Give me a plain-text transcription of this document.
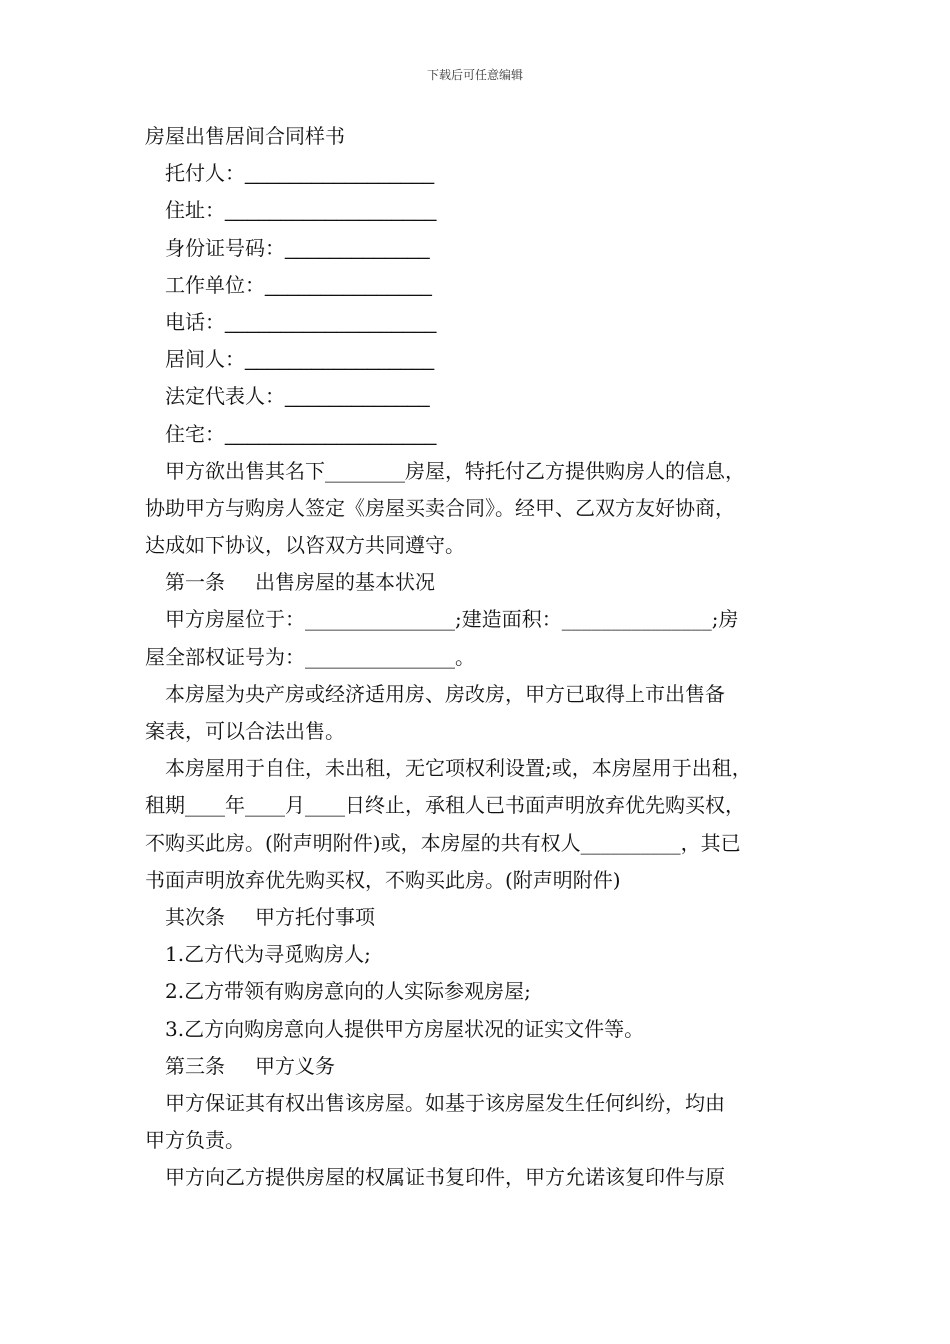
下载后可任意编辑
房屋出售居间合同样书
托付人：_________________
住址：___________________
身份证号码：_____________
工作单位：_______________
电话：___________________
居间人：_________________
法定代表人：_____________
住宅：___________________
甲方欲出售其名下________房屋，特托付乙方提供购房人的信息，
协助甲方与购房人签定《房屋买卖合同》。经甲、乙双方友好协商，
达成如下协议，以咨双方共同遵守。
第一条 出售房屋的基本状况
甲方房屋位于：_______________;建造面积：_______________;房
屋全部权证号为：_______________。
本房屋为央产房或经济适用房、房改房，甲方已取得上市出售备
案表，可以合法出售。
本房屋用于自住，未出租，无它项权利设置;或，本房屋用于出租，
租期____年____月____日终止，承租人已书面声明放弃优先购买权，
不购买此房。(附声明附件)或，本房屋的共有权人__________，其已
书面声明放弃优先购买权，不购买此房。(附声明附件)
其次条 甲方托付事项
1.乙方代为寻觅购房人;
2.乙方带领有购房意向的人实际参观房屋;
3.乙方向购房意向人提供甲方房屋状况的证实文件等。
第三条 甲方义务
甲方保证其有权出售该房屋。如基于该房屋发生任何纠纷，均由
甲方负责。
甲方向乙方提供房屋的权属证书复印件，甲方允诺该复印件与原
